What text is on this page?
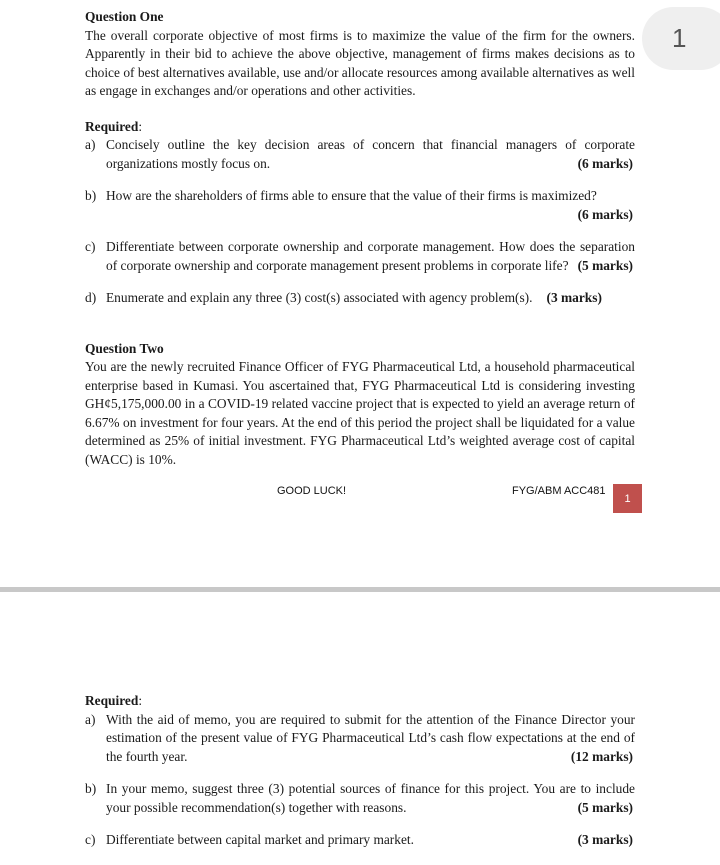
Question One
The overall corporate objective of most firms is to maximize the value of the firm for the owners. Apparently in their bid to achieve the above objective, management of firms makes decisions as to choice of best alternatives available, use and/or allocate resources among available alternatives as well as engage in exchanges and/or operations and other activities.
Required:
a) Concisely outline the key decision areas of concern that financial managers of corporate organizations mostly focus on.	(6 marks)
b) How are the shareholders of firms able to ensure that the value of their firms is maximized?
(6 marks)
c) Differentiate between corporate ownership and corporate management. How does the separation of corporate ownership and corporate management present problems in corporate life? (5 marks)
d) Enumerate and explain any three (3) cost(s) associated with agency problem(s). (3 marks)
Question Two
You are the newly recruited Finance Officer of FYG Pharmaceutical Ltd, a household pharmaceutical enterprise based in Kumasi. You ascertained that, FYG Pharmaceutical Ltd is considering investing GH¢5,175,000.00 in a COVID-19 related vaccine project that is expected to yield an average return of 6.67% on investment for four years. At the end of this period the project shall be liquidated for a value determined as 25% of initial investment. FYG Pharmaceutical Ltd’s weighted average cost of capital (WACC) is 10%.
GOOD LUCK!	FYG/ABM ACC481
1
1
Required:
a) With the aid of memo, you are required to submit for the attention of the Finance Director your estimation of the present value of FYG Pharmaceutical Ltd’s cash flow expectations at the end of the fourth year.	(12 marks)
b) In your memo, suggest three (3) potential sources of finance for this project. You are to include your possible recommendation(s) together with reasons.	(5 marks)
c) Differentiate between capital market and primary market.	(3 marks)
